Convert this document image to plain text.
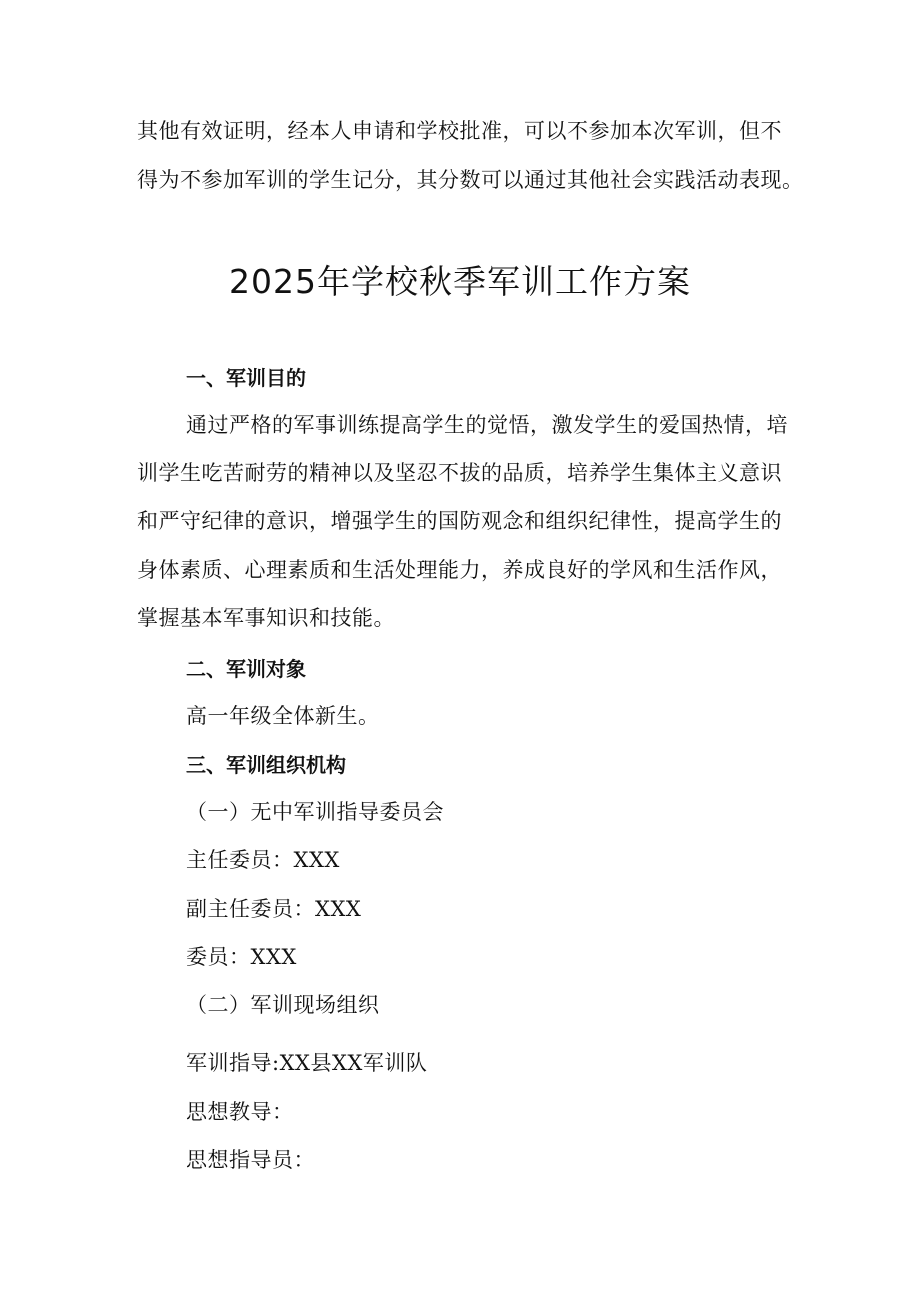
其他有效证明，经本人申请和学校批准，可以不参加本次军训，但不
得为不参加军训的学生记分，其分数可以通过其他社会实践活动表现。
2025年学校秋季军训工作方案
一、军训目的
通过严格的军事训练提高学生的觉悟，激发学生的爱国热情，培
训学生吃苦耐劳的精神以及坚忍不拔的品质，培养学生集体主义意识
和严守纪律的意识，增强学生的国防观念和组织纪律性，提高学生的
身体素质、心理素质和生活处理能力，养成良好的学风和生活作风，
掌握基本军事知识和技能。
二、军训对象
高一年级全体新生。
三、军训组织机构
（一）无中军训指导委员会
主任委员：XXX
副主任委员：XXX
委员：XXX
（二）军训现场组织
军训指导:XX县XX军训队
思想教导：
思想指导员：
